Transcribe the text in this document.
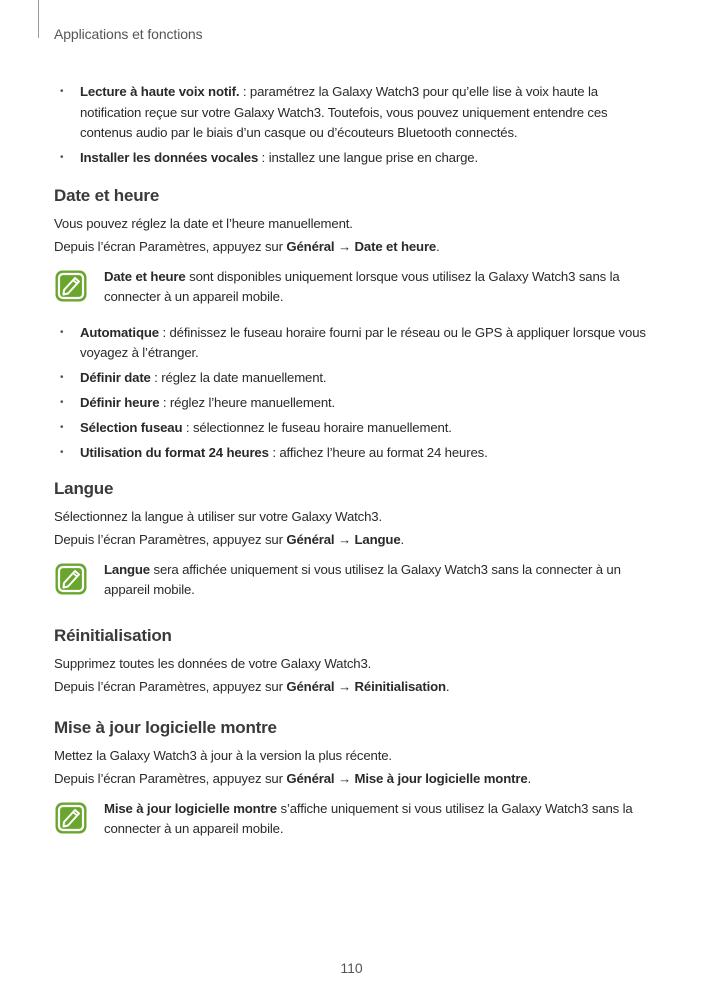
Applications et fonctions
• Lecture à haute voix notif. : paramétrez la Galaxy Watch3 pour qu’elle lise à voix haute la notification reçue sur votre Galaxy Watch3. Toutefois, vous pouvez uniquement entendre ces contenus audio par le biais d’un casque ou d’écouteurs Bluetooth connectés.
• Installer les données vocales : installez une langue prise en charge.
Date et heure

Vous pouvez réglez la date et l’heure manuellement.

Depuis l’écran Paramètres, appuyez sur Général → Date et heure.

Date et heure sont disponibles uniquement lorsque vous utilisez la Galaxy Watch3 sans la connecter à un appareil mobile.
• Automatique : définissez le fuseau horaire fourni par le réseau ou le GPS à appliquer lorsque vous voyagez à l’étranger.
• Définir date : réglez la date manuellement.
• Définir heure : réglez l’heure manuellement.
• Sélection fuseau : sélectionnez le fuseau horaire manuellement.
• Utilisation du format 24 heures : affichez l’heure au format 24 heures.
Langue

Sélectionnez la langue à utiliser sur votre Galaxy Watch3.

Depuis l’écran Paramètres, appuyez sur Général → Langue.

Langue sera affichée uniquement si vous utilisez la Galaxy Watch3 sans la connecter à un appareil mobile.
Réinitialisation

Supprimez toutes les données de votre Galaxy Watch3.

Depuis l’écran Paramètres, appuyez sur Général → Réinitialisation.

Mise à jour logicielle montre

Mettez la Galaxy Watch3 à jour à la version la plus récente.

Depuis l’écran Paramètres, appuyez sur Général → Mise à jour logicielle montre.

Mise à jour logicielle montre s’affiche uniquement si vous utilisez la Galaxy Watch3 sans la connecter à un appareil mobile.
110
